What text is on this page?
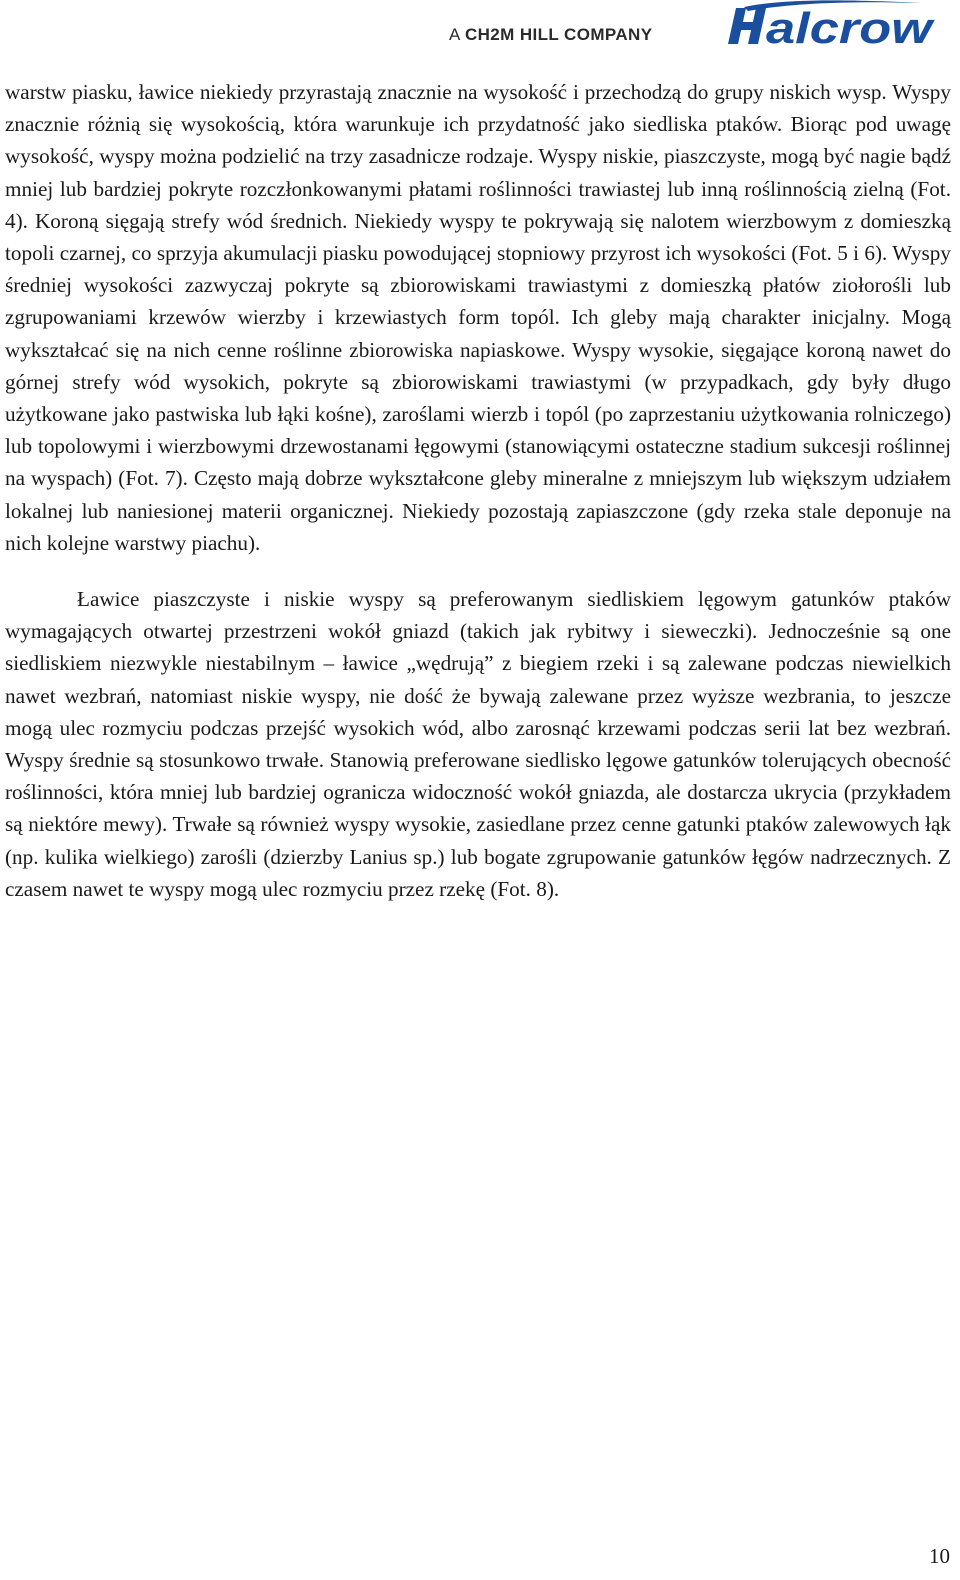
A CH2M HILL COMPANY	alcrow

warstw piasku, ławice niekiedy przyrastają znacznie na wysokość i przechodzą do grupy niskich wysp. Wyspy znacznie różnią się wysokością, która warunkuje ich przydatność jako siedliska ptaków. Biorąc pod uwagę wysokość, wyspy można podzielić na trzy zasadnicze rodzaje. Wyspy niskie, piaszczyste, mogą być nagie bądź mniej lub bardziej pokryte rozczłonkowanymi płatami roślinności trawiastej lub inną roślinnością zielną (Fot. 4). Koroną sięgają strefy wód średnich. Niekiedy wyspy te pokrywają się nalotem wierzbowym z domieszką topoli czarnej, co sprzyja akumulacji piasku powodującej stopniowy przyrost ich wysokości (Fot. 5 i 6). Wyspy średniej wysokości zazwyczaj pokryte są zbiorowiskami trawiastymi z domieszką płatów ziołorośli lub zgrupowaniami krzewów wierzby i krzewiastych form topól. Ich gleby mają charakter inicjalny. Mogą wykształcać się na nich cenne roślinne zbiorowiska napiaskowe. Wyspy wysokie, sięgające koroną nawet do górnej strefy wód wysokich, pokryte są zbiorowiskami trawiastymi (w przypadkach, gdy były długo użytkowane jako pastwiska lub łąki kośne), zaroślami wierzb i topól (po zaprzestaniu użytkowania rolniczego) lub topolowymi i wierzbowymi drzewostanami łęgowymi (stanowiącymi ostateczne stadium sukcesji roślinnej na wyspach) (Fot. 7). Często mają dobrze wykształcone gleby mineralne z mniejszym lub większym udziałem lokalnej lub naniesionej materii organicznej. Niekiedy pozostają zapiaszczone (gdy rzeka stale deponuje na nich kolejne warstwy piachu).

Ławice piaszczyste i niskie wyspy są preferowanym siedliskiem lęgowym gatunków ptaków wymagających otwartej przestrzeni wokół gniazd (takich jak rybitwy i sieweczki). Jednocześnie są one siedliskiem niezwykle niestabilnym – ławice „wędrują” z biegiem rzeki i są zalewane podczas niewielkich nawet wezbrań, natomiast niskie wyspy, nie dość że bywają zalewane przez wyższe wezbrania, to jeszcze mogą ulec rozmyciu podczas przejść wysokich wód, albo zarosnąć krzewami podczas serii lat bez wezbrań. Wyspy średnie są stosunkowo trwałe. Stanowią preferowane siedlisko lęgowe gatunków tolerujących obecność roślinności, która mniej lub bardziej ogranicza widoczność wokół gniazda, ale dostarcza ukrycia (przykładem są niektóre mewy). Trwałe są również wyspy wysokie, zasiedlane przez cenne gatunki ptaków zalewowych łąk (np. kulika wielkiego) zarośli (dzierzby Lanius sp.) lub bogate zgrupowanie gatunków łęgów nadrzecznych. Z czasem nawet te wyspy mogą ulec rozmyciu przez rzekę (Fot. 8).

10
